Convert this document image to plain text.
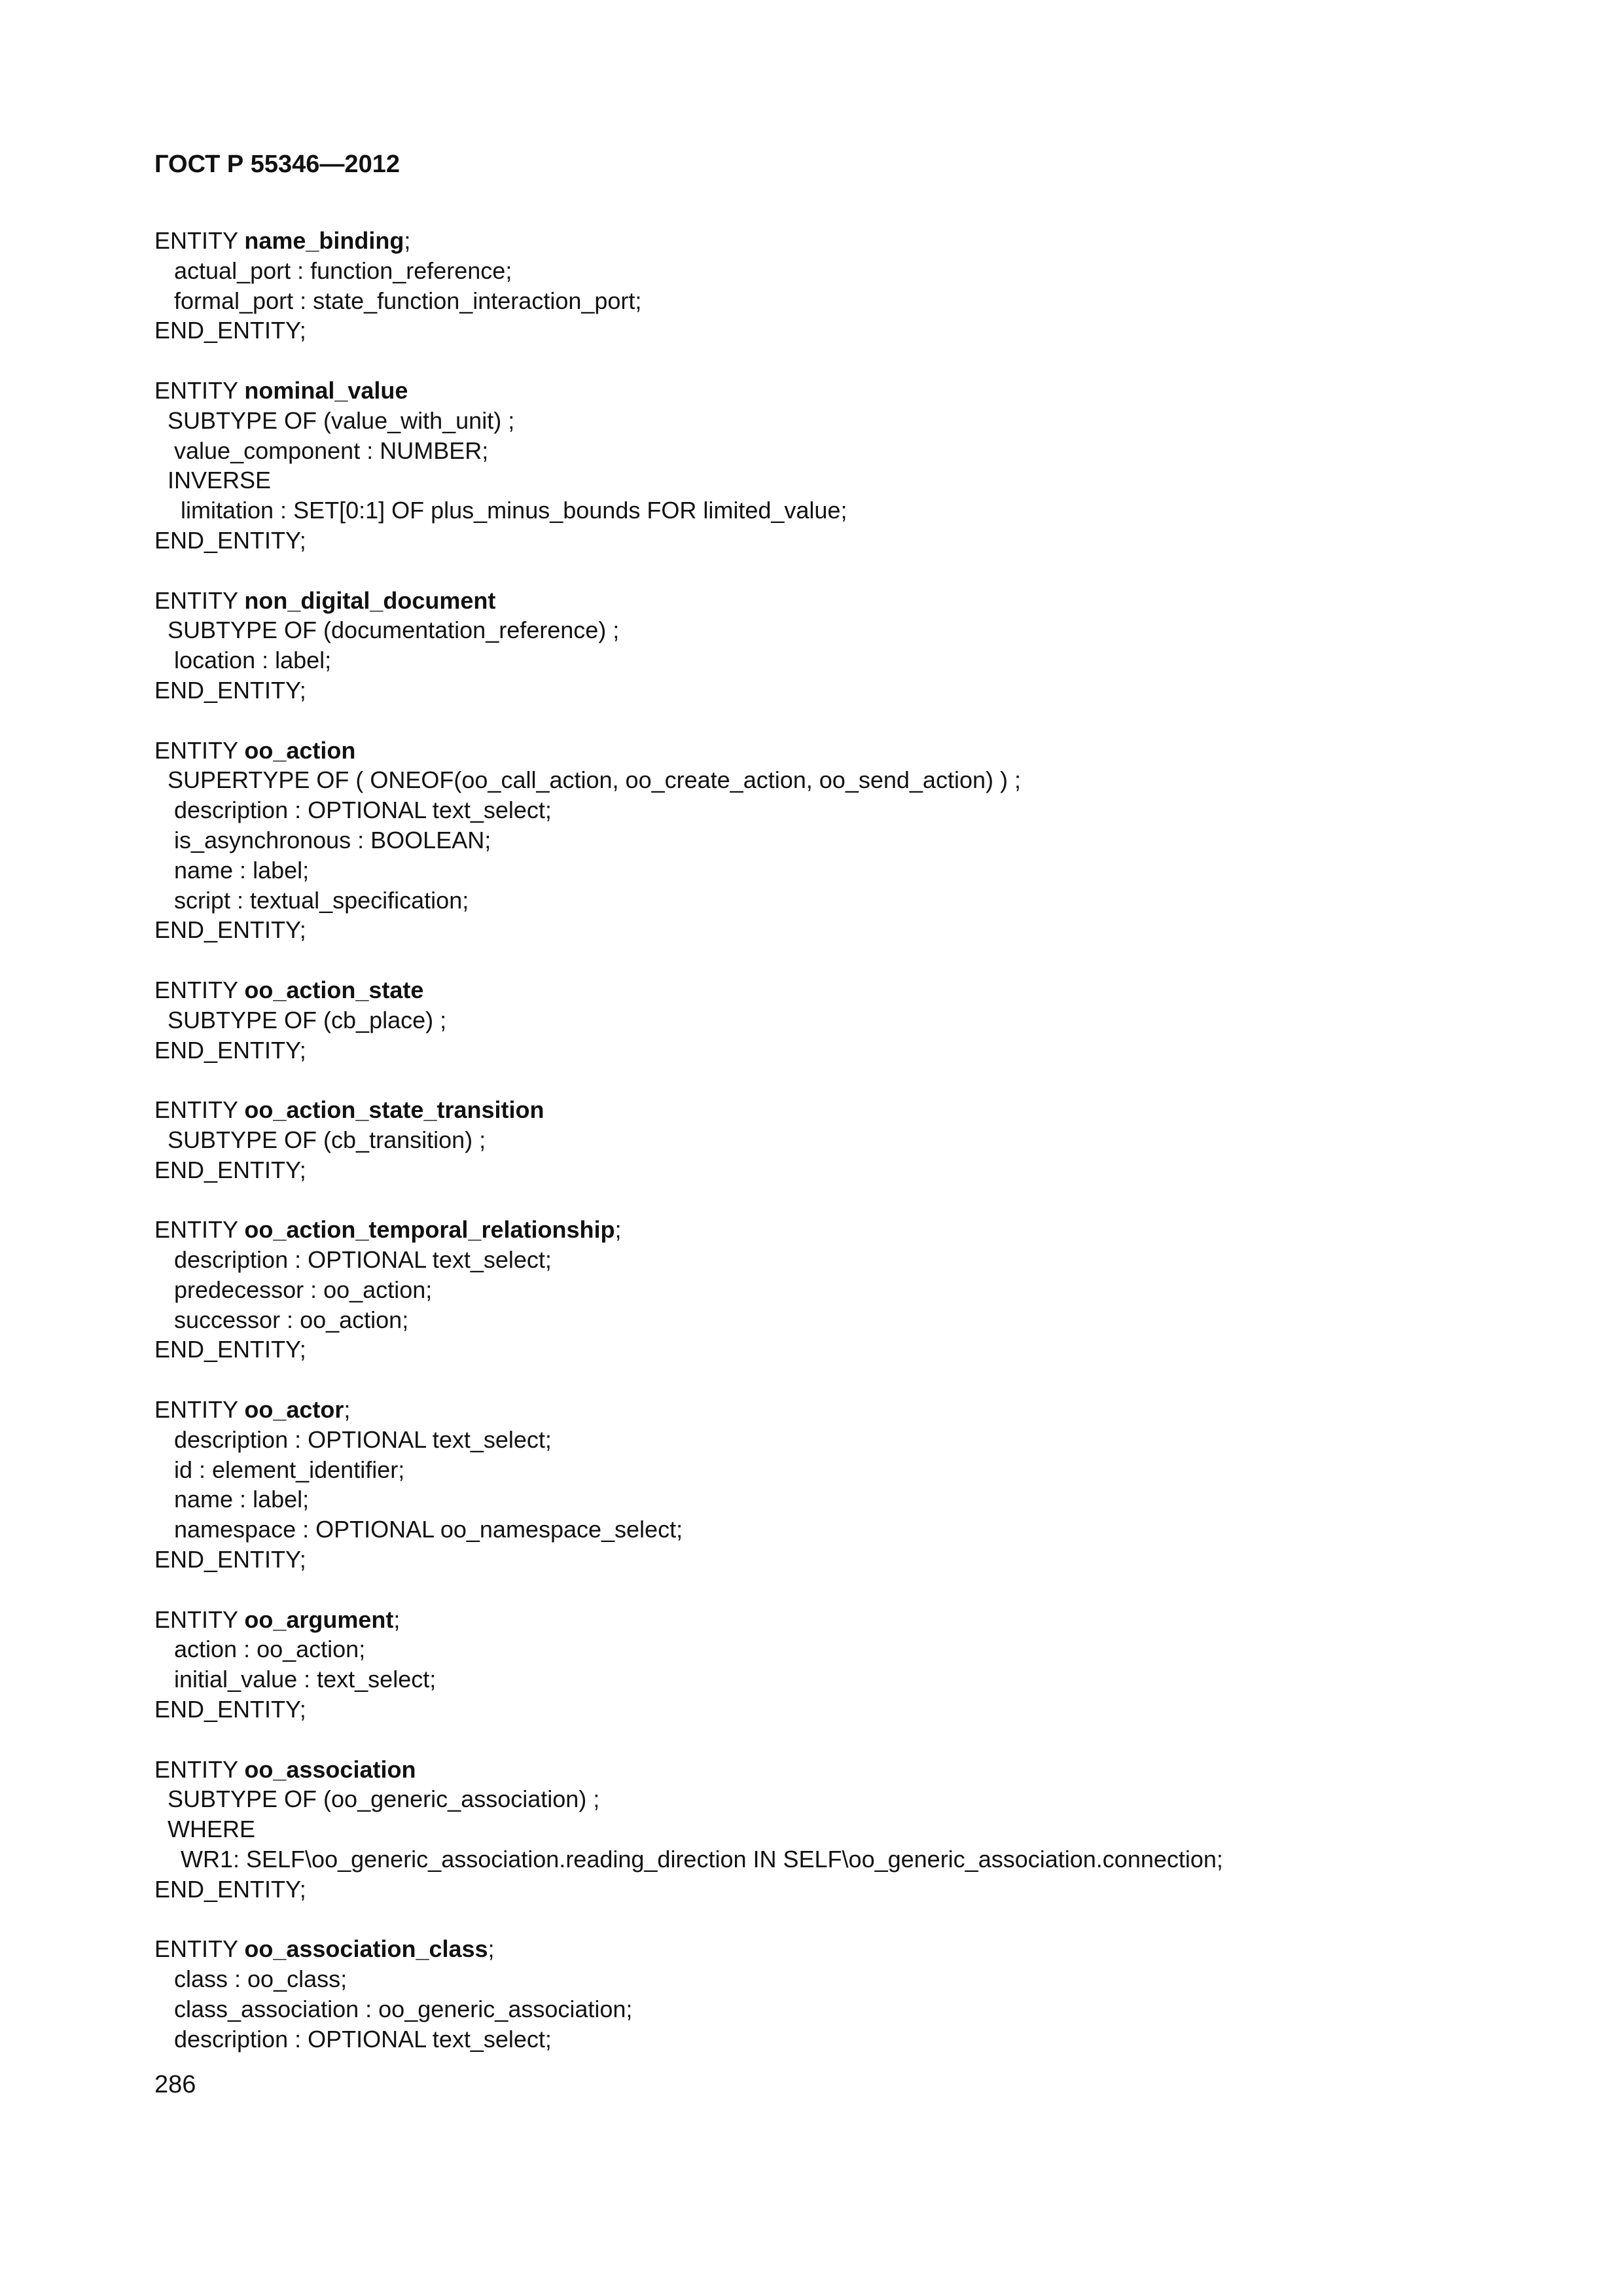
ГОСТ Р 55346—2012
ENTITY name_binding;
actual_port : function_reference;
formal_port : state_function_interaction_port;
END_ENTITY;
ENTITY nominal_value
SUBTYPE OF (value_with_unit) ;
value_component : NUMBER;
INVERSE
limitation : SET[0:1] OF plus_minus_bounds FOR limited_value;
END_ENTITY;
ENTITY non_digital_document
SUBTYPE OF (documentation_reference) ;
location : label;
END_ENTITY;
ENTITY oo_action
SUPERTYPE OF ( ONEOF(oo_call_action, oo_create_action, oo_send_action) ) ;
description : OPTIONAL text_select;
is_asynchronous : BOOLEAN;
name : label;
script : textual_specification;
END_ENTITY;
ENTITY oo_action_state
SUBTYPE OF (cb_place) ;
END_ENTITY;
ENTITY oo_action_state_transition
SUBTYPE OF (cb_transition) ;
END_ENTITY;
ENTITY oo_action_temporal_relationship;
description : OPTIONAL text_select;
predecessor : oo_action;
successor : oo_action;
END_ENTITY;
ENTITY oo_actor;
description : OPTIONAL text_select;
id : element_identifier;
name : label;
namespace : OPTIONAL oo_namespace_select;
END_ENTITY;
ENTITY oo_argument;
action : oo_action;
initial_value : text_select;
END_ENTITY;
ENTITY oo_association
SUBTYPE OF (oo_generic_association) ;
WHERE
WR1: SELF\oo_generic_association.reading_direction IN SELF\oo_generic_association.connection;
END_ENTITY;
ENTITY oo_association_class;
class : oo_class;
class_association : oo_generic_association;
description : OPTIONAL text_select;
286
